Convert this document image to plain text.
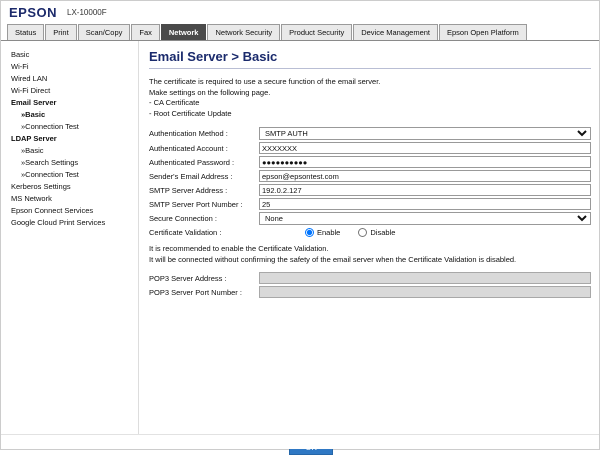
EPSON LX-10000F
Status	Print	Scan/Copy	Fax	Network	Network Security	Product Security	Device Management	Epson Open Platform
Basic
Wi-Fi
Wired LAN
Wi-Fi Direct
Email Server
»Basic
»Connection Test
LDAP Server
»Basic
»Search Settings
»Connection Test
Kerberos Settings
MS Network
Epson Connect Services
Google Cloud Print Services
Email Server > Basic
The certificate is required to use a secure function of the email server.
Make settings on the following page.
- CA Certificate
- Root Certificate Update
Authentication Method :	
SMTP AUTH
Authenticated Account :	XXXXXXX
Authenticated Password :	●●●●●●●●●●
Sender's Email Address :	epson@epsontest.com
SMTP Server Address :	192.0.2.127
SMTP Server Port Number :	25
Secure Connection :	
None
Certificate Validation :	Enable	Disable
It is recommended to enable the Certificate Validation.
It will be connected without confirming the safety of the email server when the Certificate Validation is disabled.
POP3 Server Address :	
POP3 Server Port Number :	
